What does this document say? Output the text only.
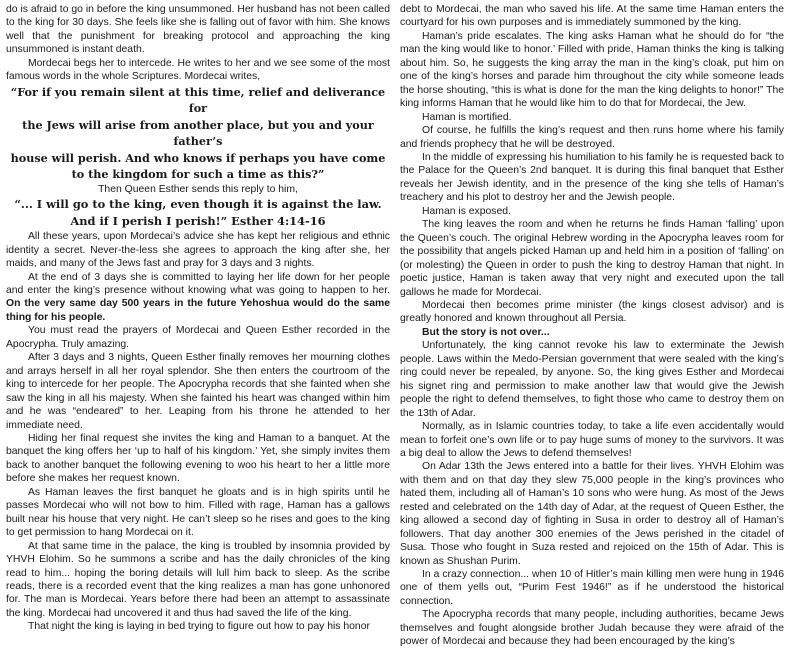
do is afraid to go in before the king unsummoned. Her husband has not been called to the king for 30 days. She feels like she is falling out of favor with him. She knows well that the punishment for breaking protocol and approaching the king unsummoned is instant death.

Mordecai begs her to intercede. He writes to her and we see some of the most famous words in the whole Scriptures. Mordecai writes,

“For if you remain silent at this time, relief and deliverance for
the Jews will arise from another place, but you and your father’s
house will perish. And who knows if perhaps you have come
to the kingdom for such a time as this?”

Then Queen Esther sends this reply to him,

“... I will go to the king, even though it is against the law.
And if I perish I perish!” Esther 4:14-16

All these years, upon Mordecai’s advice she has kept her religious and ethnic identity a secret. Never-the-less she agrees to approach the king after she, her maids, and many of the Jews fast and pray for 3 days and 3 nights.

At the end of 3 days she is committed to laying her life down for her people and enter the king’s presence without knowing what was going to happen to her. On the very same day 500 years in the future Yehoshua would do the same thing for his people.

You must read the prayers of Mordecai and Queen Esther recorded in the Apocrypha. Truly amazing.

After 3 days and 3 nights, Queen Esther finally removes her mourning clothes and arrays herself in all her royal splendor. She then enters the courtroom of the king to intercede for her people. The Apocrypha records that she fainted when she saw the king in all his majesty. When she fainted his heart was changed within him and he was “endeared” to her. Leaping from his throne he attended to her immediate need.

Hiding her final request she invites the king and Haman to a banquet. At the banquet the king offers her ‘up to half of his kingdom.’ Yet, she simply invites them back to another banquet the following evening to woo his heart to her a little more before she makes her request known.

As Haman leaves the first banquet he gloats and is in high spirits until he passes Mordecai who will not bow to him. Filled with rage, Haman has a gallows built near his house that very night. He can’t sleep so he rises and goes to the king to get permission to hang Mordecai on it.

At that same time in the palace, the king is troubled by insomnia provided by YHVH Elohim. So he summons a scribe and has the daily chronicles of the king read to him... hoping the boring details will lull him back to sleep. As the scribe reads, there is a recorded event that the king realizes a man has gone unhonored for. The man is Mordecai. Years before there had been an attempt to assassinate the king. Mordecai had uncovered it and thus had saved the life of the king.

That night the king is laying in bed trying to figure out how to pay his honor

debt to Mordecai, the man who saved his life. At the same time Haman enters the courtyard for his own purposes and is immediately summoned by the king.

Haman’s pride escalates. The king asks Haman what he should do for “the man the king would like to honor.’ Filled with pride, Haman thinks the king is talking about him. So, he suggests the king array the man in the king’s cloak, put him on one of the king’s horses and parade him throughout the city while someone leads the horse shouting, “this is what is done for the man the king delights to honor!” The king informs Haman that he would like him to do that for Mordecai, the Jew.

Haman is mortified.

Of course, he fulfills the king’s request and then runs home where his family and friends prophecy that he will be destroyed.

In the middle of expressing his humiliation to his family he is requested back to the Palace for the Queen’s 2nd banquet. It is during this final banquet that Esther reveals her Jewish identity, and in the presence of the king she tells of Haman’s treachery and his plot to destroy her and the Jewish people.

Haman is exposed.

The king leaves the room and when he returns he finds Haman ‘falling’ upon the Queen’s couch. The original Hebrew wording in the Apocrypha leaves room for the possibility that angels picked Haman up and held him in a position of ‘falling’ on (or molesting) the Queen in order to push the king to destroy Haman that night. In poetic justice, Haman is taken away that very night and executed upon the tall gallows he made for Mordecai.

Mordecai then becomes prime minister (the kings closest advisor) and is greatly honored and known throughout all Persia.

But the story is not over...

Unfortunately, the king cannot revoke his law to exterminate the Jewish people. Laws within the Medo-Persian government that were sealed with the king’s ring could never be repealed, by anyone. So, the king gives Esther and Mordecai his signet ring and permission to make another law that would give the Jewish people the right to defend themselves, to fight those who came to destroy them on the 13th of Adar.

Normally, as in Islamic countries today, to take a life even accidentally would mean to forfeit one’s own life or to pay huge sums of money to the survivors. It was a big deal to allow the Jews to defend themselves!

On Adar 13th the Jews entered into a battle for their lives. YHVH Elohim was with them and on that day they slew 75,000 people in the king’s provinces who hated them, including all of Haman’s 10 sons who were hung. As most of the Jews rested and celebrated on the 14th day of Adar, at the request of Queen Esther, the king allowed a second day of fighting in Susa in order to destroy all of Haman’s followers. That day another 300 enemies of the Jews perished in the citadel of Susa. Those who fought in Suza rested and rejoiced on the 15th of Adar. This is known as Shushan Purim.

In a crazy connection... when 10 of Hitler’s main killing men were hung in 1946 one of them yells out, “Purim Fest 1946!” as if he understood the historical connection.

The Apocrypha records that many people, including authorities, became Jews themselves and fought alongside brother Judah because they were afraid of the power of Mordecai and because they had been encouraged by the king’s
